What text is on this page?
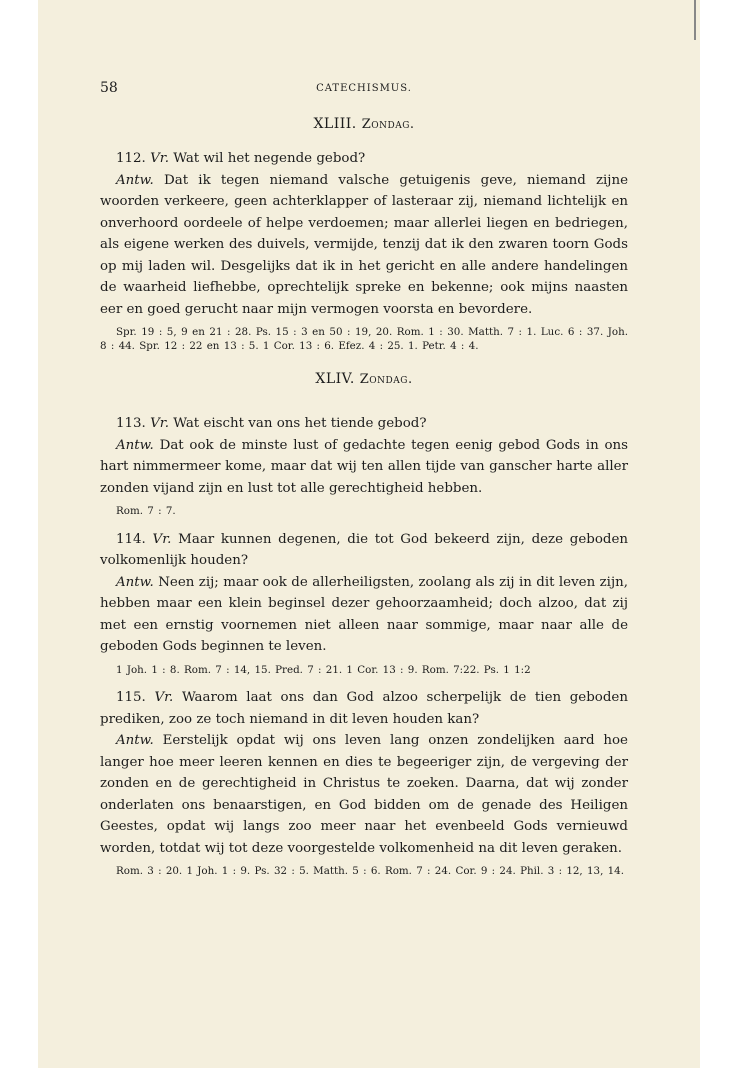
58	CATECHISMUS.
XLIII. Zondag.

112. Vr. Wat wil het negende gebod?

Antw. Dat ik tegen niemand valsche getuigenis geve, niemand zijne woorden verkeere, geen achterklapper of lasteraar zij, niemand lichtelijk en onverhoord oordeele of helpe verdoemen; maar allerlei liegen en bedriegen, als eigene werken des duivels, vermijde, tenzij dat ik den zwaren toorn Gods op mij laden wil. Desgelijks dat ik in het gericht en alle andere handelingen de waarheid liefhebbe, oprechtelijk spreke en bekenne; ook mijns naasten eer en goed gerucht naar mijn vermogen voorsta en bevordere.

Spr. 19 : 5, 9 en 21 : 28. Ps. 15 : 3 en 50 : 19, 20. Rom. 1 : 30. Matth. 7 : 1. Luc. 6 : 37. Joh. 8 : 44. Spr. 12 : 22 en 13 : 5. 1 Cor. 13 : 6. Efez. 4 : 25. 1. Petr. 4 : 4.

XLIV. Zondag.

113. Vr. Wat eischt van ons het tiende gebod?

Antw. Dat ook de minste lust of gedachte tegen eenig gebod Gods in ons hart nimmermeer kome, maar dat wij ten allen tijde van ganscher harte aller zonden vijand zijn en lust tot alle gerechtigheid hebben.

Rom. 7 : 7.

114. Vr. Maar kunnen degenen, die tot God bekeerd zijn, deze geboden volkomenlijk houden?

Antw. Neen zij; maar ook de allerheiligsten, zoolang als zij in dit leven zijn, hebben maar een klein beginsel dezer gehoorzaamheid; doch alzoo, dat zij met een ernstig voornemen niet alleen naar sommige, maar naar alle de geboden Gods beginnen te leven.

1 Joh. 1 : 8. Rom. 7 : 14, 15. Pred. 7 : 21. 1 Cor. 13 : 9. Rom. 7:22. Ps. 1 1:2

115. Vr. Waarom laat ons dan God alzoo scherpelijk de tien geboden prediken, zoo ze toch niemand in dit leven houden kan?

Antw. Eerstelijk opdat wij ons leven lang onzen zondelijken aard hoe langer hoe meer leeren kennen en dies te begeeriger zijn, de vergeving der zonden en de gerechtigheid in Christus te zoeken. Daarna, dat wij zonder onderlaten ons benaarstigen, en God bidden om de genade des Heiligen Geestes, opdat wij langs zoo meer naar het evenbeeld Gods vernieuwd worden, totdat wij tot deze voorgestelde volkomenheid na dit leven geraken.

Rom. 3 : 20. 1 Joh. 1 : 9. Ps. 32 : 5. Matth. 5 : 6. Rom. 7 : 24. Cor. 9 : 24. Phil. 3 : 12, 13, 14.
